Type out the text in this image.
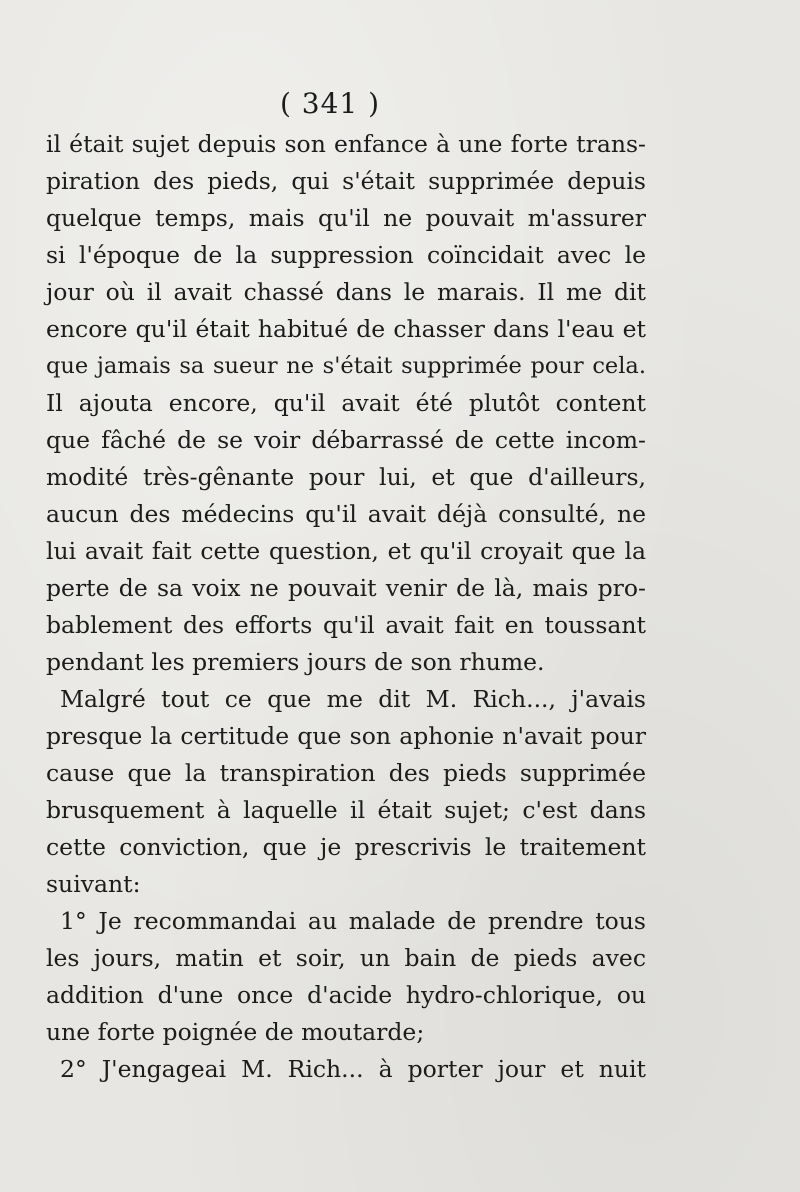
( 341 )
il était sujet depuis son enfance à une forte trans-
piration des pieds, qui s'était supprimée depuis
quelque temps, mais qu'il ne pouvait m'assurer
si l'époque de la suppression coïncidait avec le
jour où il avait chassé dans le marais. Il me dit
encore qu'il était habitué de chasser dans l'eau et
que jamais sa sueur ne s'était supprimée pour cela.
Il ajouta encore, qu'il avait été plutôt content
que fâché de se voir débarrassé de cette incom-
modité très-gênante pour lui, et que d'ailleurs,
aucun des médecins qu'il avait déjà consulté, ne
lui avait fait cette question, et qu'il croyait que la
perte de sa voix ne pouvait venir de là, mais pro-
bablement des efforts qu'il avait fait en toussant
pendant les premiers jours de son rhume.
Malgré tout ce que me dit M. Rich..., j'avais
presque la certitude que son aphonie n'avait pour
cause que la transpiration des pieds supprimée
brusquement à laquelle il était sujet; c'est dans
cette conviction, que je prescrivis le traitement
suivant:
1° Je recommandai au malade de prendre tous
les jours, matin et soir, un bain de pieds avec
addition d'une once d'acide hydro-chlorique, ou
une forte poignée de moutarde;
2° J'engageai M. Rich... à porter jour et nuit
